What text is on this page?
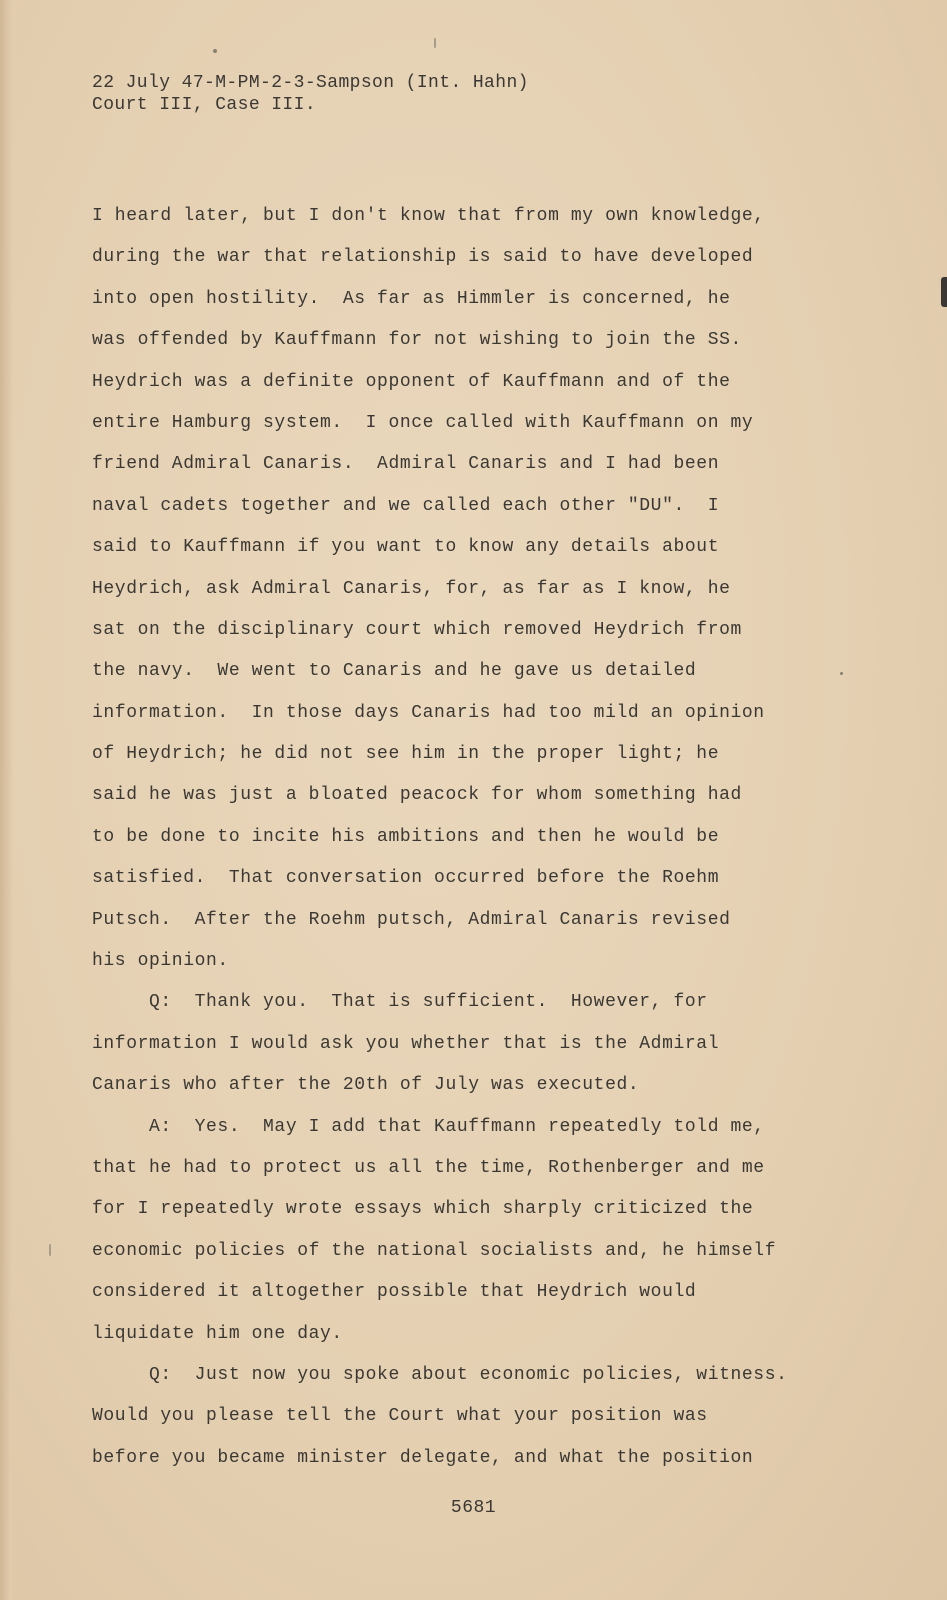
22 July 47-M-PM-2-3-Sampson (Int. Hahn)
Court III, Case III.
I heard later, but I don't know that from my own knowledge,
during the war that relationship is said to have developed
into open hostility.  As far as Himmler is concerned, he
was offended by Kauffmann for not wishing to join the SS.
Heydrich was a definite opponent of Kauffmann and of the
entire Hamburg system.  I once called with Kauffmann on my
friend Admiral Canaris.  Admiral Canaris and I had been
naval cadets together and we called each other "DU".  I
said to Kauffmann if you want to know any details about
Heydrich, ask Admiral Canaris, for, as far as I know, he
sat on the disciplinary court which removed Heydrich from
the navy.  We went to Canaris and he gave us detailed
information.  In those days Canaris had too mild an opinion
of Heydrich; he did not see him in the proper light; he
said he was just a bloated peacock for whom something had
to be done to incite his ambitions and then he would be
satisfied.  That conversation occurred before the Roehm
Putsch.  After the Roehm putsch, Admiral Canaris revised
his opinion.
Q:  Thank you.  That is sufficient.  However, for
information I would ask you whether that is the Admiral
Canaris who after the 20th of July was executed.
A:  Yes.  May I add that Kauffmann repeatedly told me,
that he had to protect us all the time, Rothenberger and me
for I repeatedly wrote essays which sharply criticized the
economic policies of the national socialists and, he himself
considered it altogether possible that Heydrich would
liquidate him one day.
Q:  Just now you spoke about economic policies, witness.
Would you please tell the Court what your position was
before you became minister delegate, and what the position
5681
